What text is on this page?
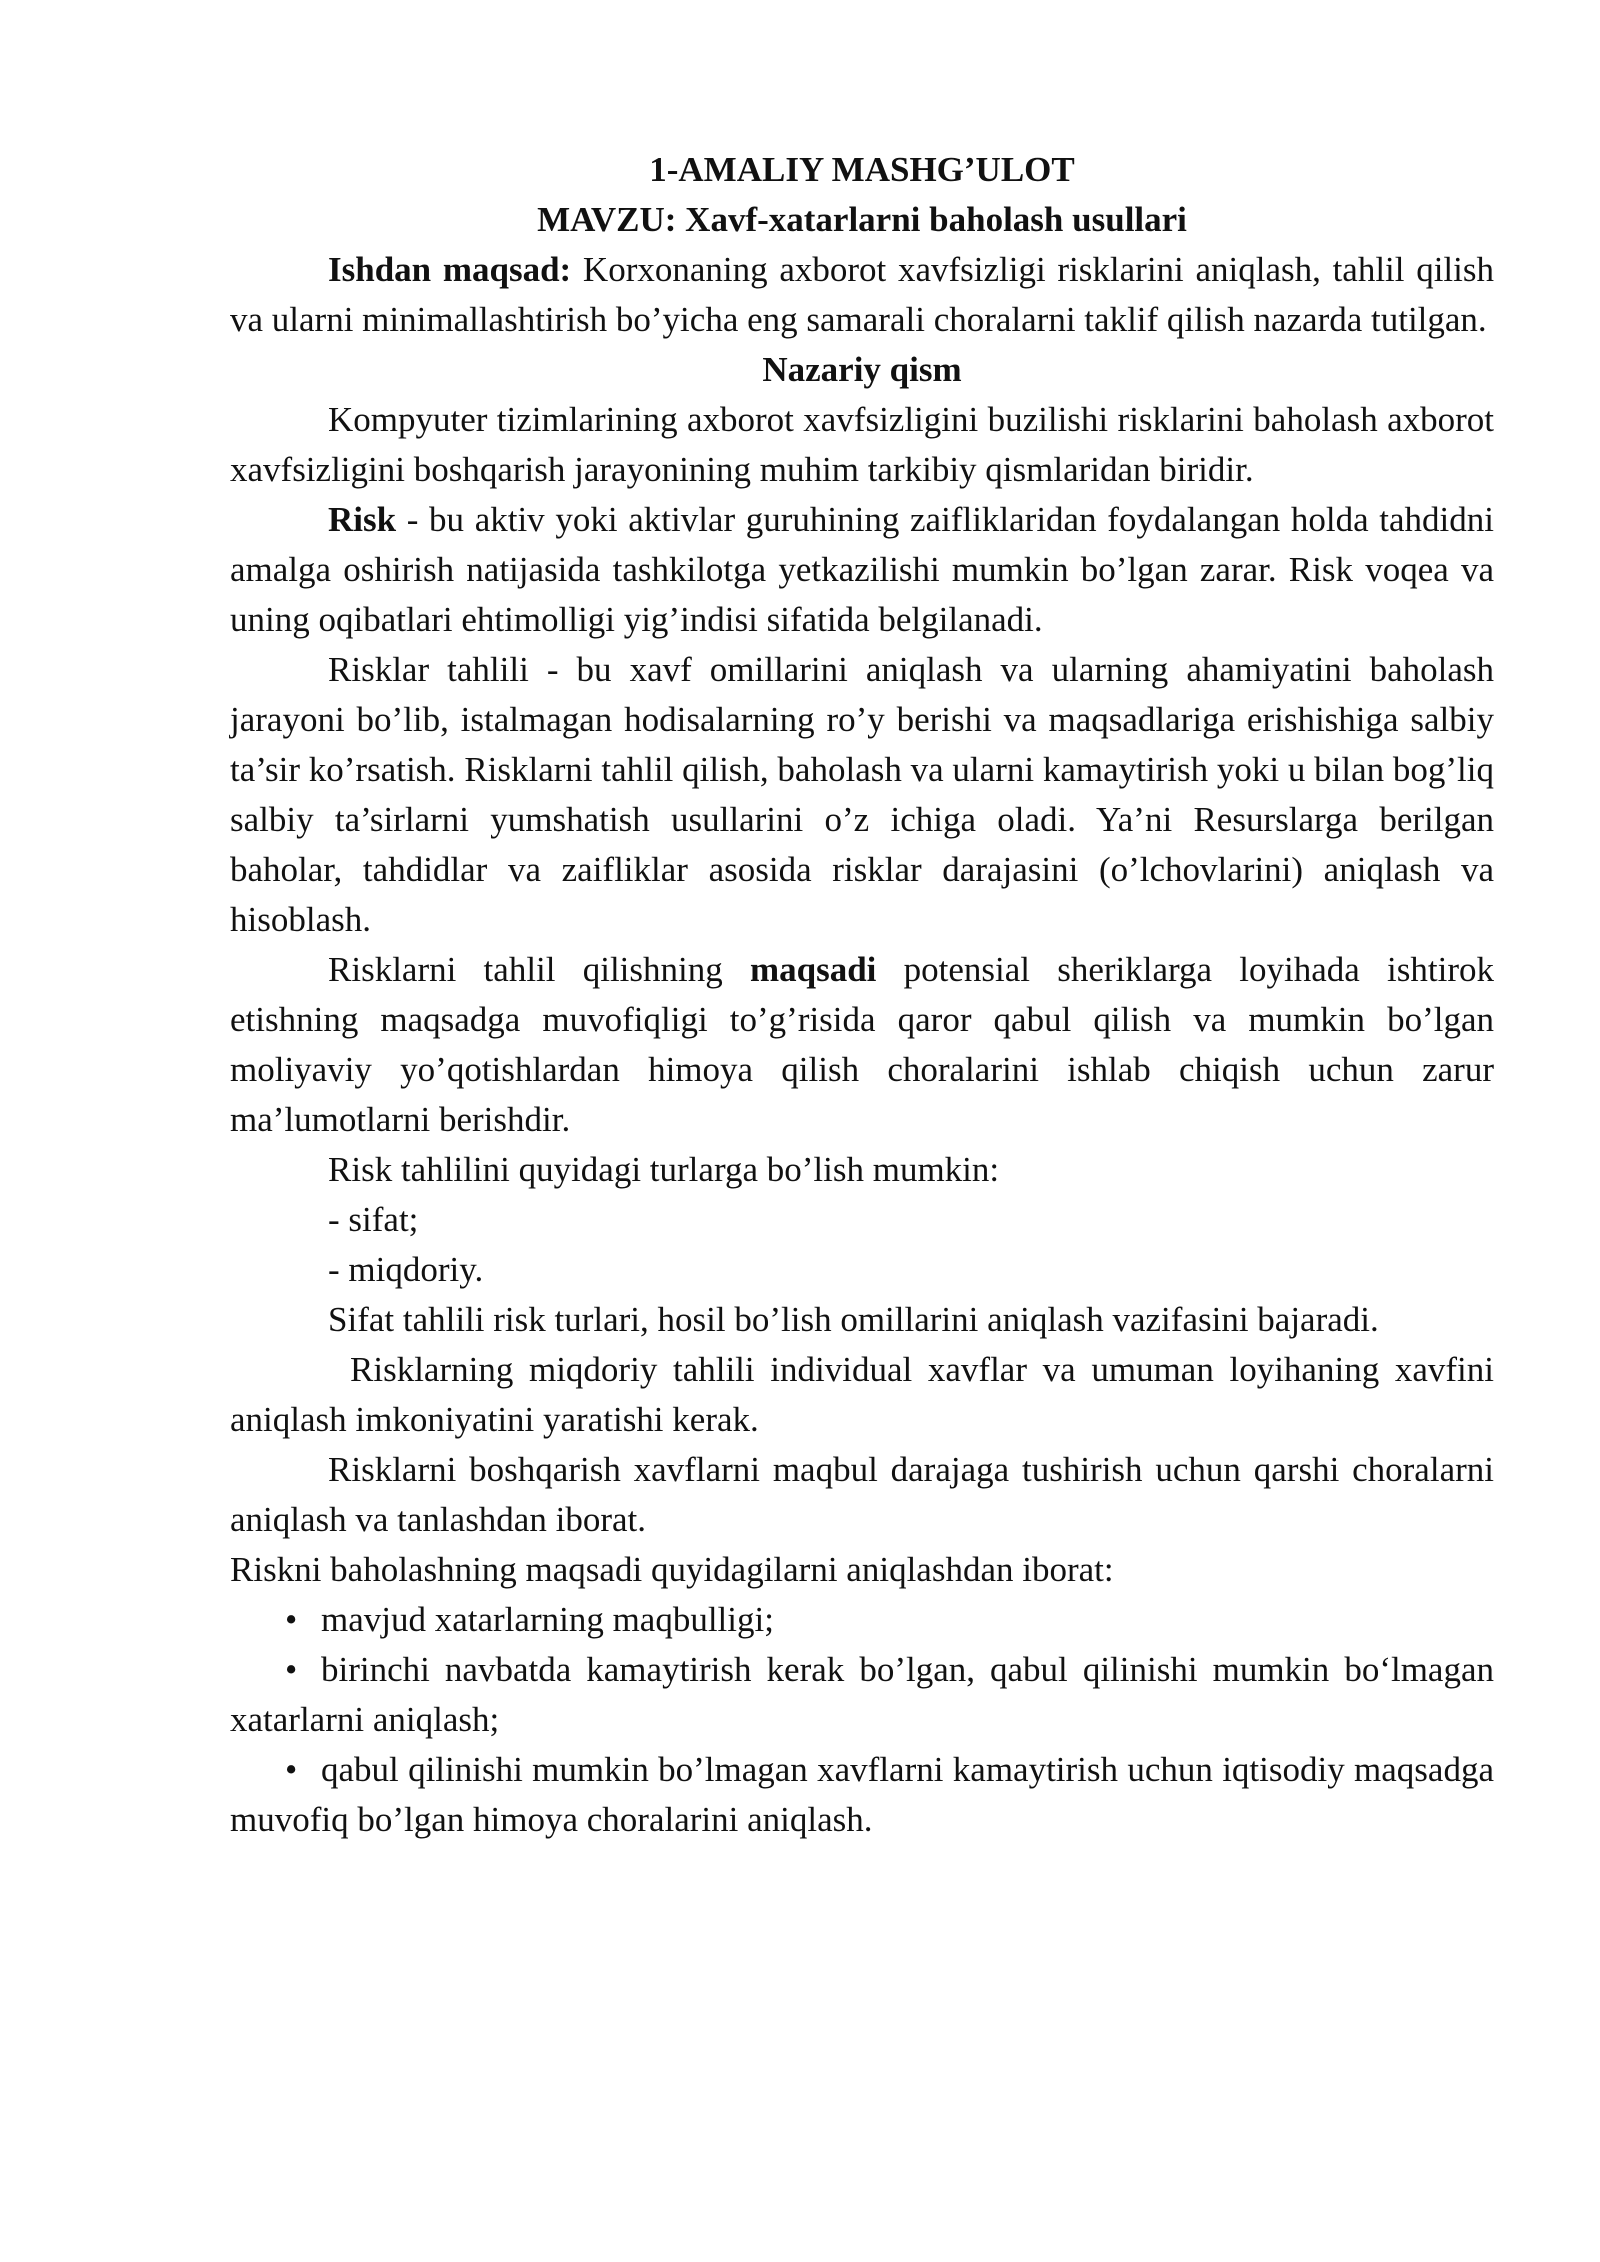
1-AMALIY MASHG’ULOT
MAVZU: Xavf-xatarlarni baholash usullari

Ishdan maqsad: Korxonaning axborot xavfsizligi risklarini aniqlash, tahlil qilish va ularni minimallashtirish bo’yicha eng samarali choralarni taklif qilish nazarda tutilgan.

Nazariy qism

Kompyuter tizimlarining axborot xavfsizligini buzilishi risklarini baholash axborot xavfsizligini boshqarish jarayonining muhim tarkibiy qismlaridan biridir.

Risk - bu aktiv yoki aktivlar guruhining zaifliklaridan foydalangan holda tahdidni amalga oshirish natijasida tashkilotga yetkazilishi mumkin bo’lgan zarar. Risk voqea va uning oqibatlari ehtimolligi yig’indisi sifatida belgilanadi.

Risklar tahlili - bu xavf omillarini aniqlash va ularning ahamiyatini baholash jarayoni bo’lib, istalmagan hodisalarning ro’y berishi va maqsadlariga erishishiga salbiy ta’sir ko’rsatish. Risklarni tahlil qilish, baholash va ularni kamaytirish yoki u bilan bog’liq salbiy ta’sirlarni yumshatish usullarini o’z ichiga oladi. Ya’ni Resurslarga berilgan baholar, tahdidlar va zaifliklar asosida risklar darajasini (o’lchovlarini) aniqlash va hisoblash.

Risklarni tahlil qilishning maqsadi potensial sheriklarga loyihada ishtirok etishning maqsadga muvofiqligi to’g’risida qaror qabul qilish va mumkin bo’lgan moliyaviy yo’qotishlardan himoya qilish choralarini ishlab chiqish uchun zarur ma’lumotlarni berishdir.

Risk tahlilini quyidagi turlarga bo’lish mumkin:

- sifat;

- miqdoriy.

Sifat tahlili risk turlari, hosil bo’lish omillarini aniqlash vazifasini bajaradi.

Risklarning miqdoriy tahlili individual xavflar va umuman loyihaning xavfini aniqlash imkoniyatini yaratishi kerak.

Risklarni boshqarish xavflarni maqbul darajaga tushirish uchun qarshi choralarni aniqlash va tanlashdan iborat.

Riskni baholashning maqsadi quyidagilarni aniqlashdan iborat:

• mavjud xatarlarning maqbulligi;

• birinchi navbatda kamaytirish kerak bo’lgan, qabul qilinishi mumkin bo‘lmagan xatarlarni aniqlash;

• qabul qilinishi mumkin bo’lmagan xavflarni kamaytirish uchun iqtisodiy maqsadga muvofiq bo’lgan himoya choralarini aniqlash.
